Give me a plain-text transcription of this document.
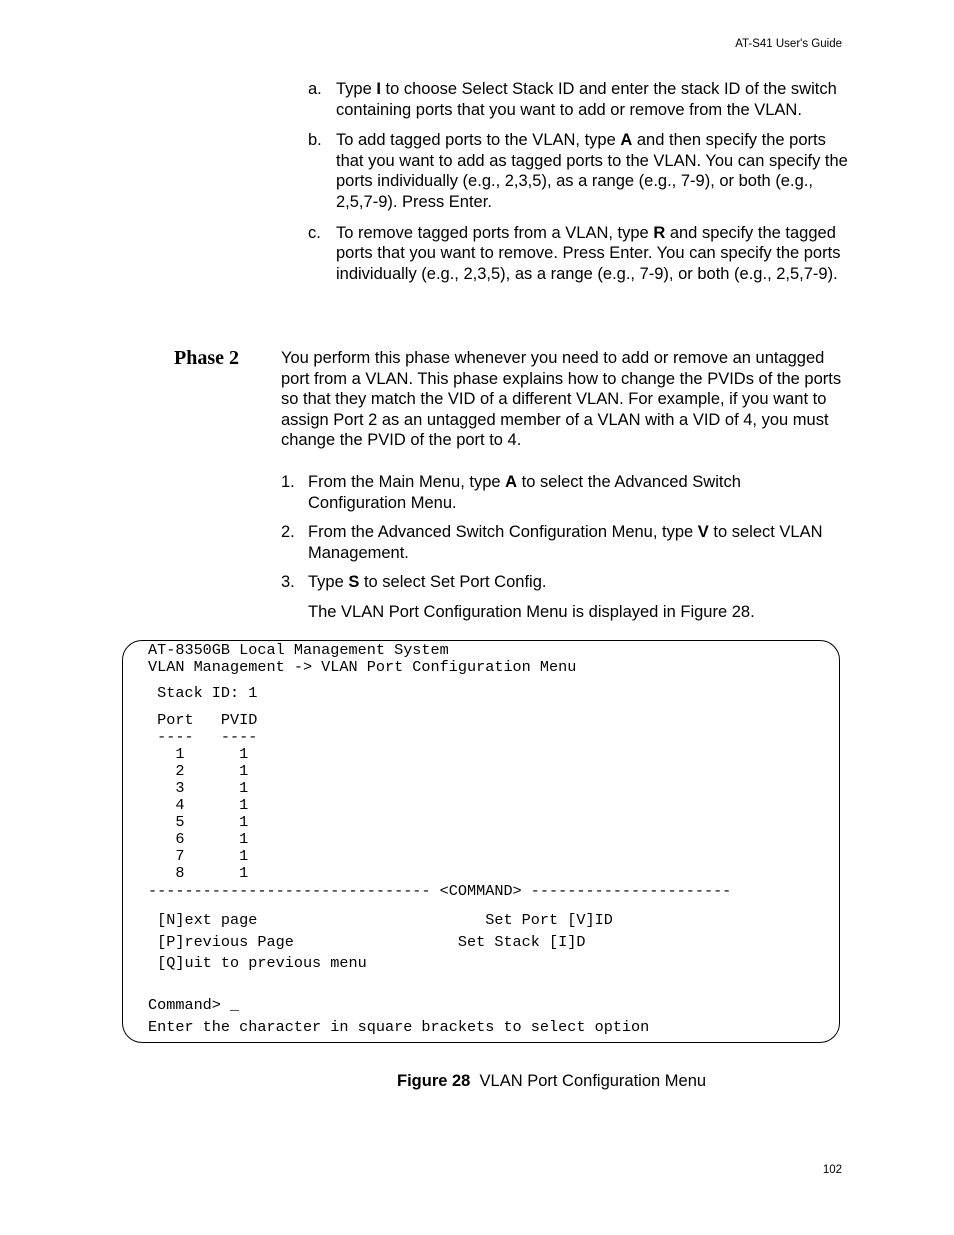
AT-S41 User's Guide
a. Type I to choose Select Stack ID and enter the stack ID of the switch containing ports that you want to add or remove from the VLAN.
b. To add tagged ports to the VLAN, type A and then specify the ports that you want to add as tagged ports to the VLAN. You can specify the ports individually (e.g., 2,3,5), as a range (e.g., 7-9), or both (e.g., 2,5,7-9). Press Enter.
c. To remove tagged ports from a VLAN, type R and specify the tagged ports that you want to remove. Press Enter. You can specify the ports individually (e.g., 2,3,5), as a range (e.g., 7-9), or both (e.g., 2,5,7-9).
Phase 2	You perform this phase whenever you need to add or remove an untagged port from a VLAN. This phase explains how to change the PVIDs of the ports so that they match the VID of a different VLAN. For example, if you want to assign Port 2 as an untagged member of a VLAN with a VID of 4, you must change the PVID of the port to 4.
1. From the Main Menu, type A to select the Advanced Switch Configuration Menu.
2. From the Advanced Switch Configuration Menu, type V to select VLAN Management.
3. Type S to select Set Port Config.
The VLAN Port Configuration Menu is displayed in Figure 28.
AT-8350GB Local Management System
VLAN Management -> VLAN Port Configuration Menu
Stack ID: 1
Port   PVID
----   ----
1      1
2      1
3      1
4      1
5      1
6      1
7      1
8      1
------------------------------- <COMMAND> ----------------------
[N]ext page                         Set Port [V]ID
[P]revious Page                  Set Stack [I]D
[Q]uit to previous menu
Command> _
Enter the character in square brackets to select option
Figure 28  VLAN Port Configuration Menu
102
